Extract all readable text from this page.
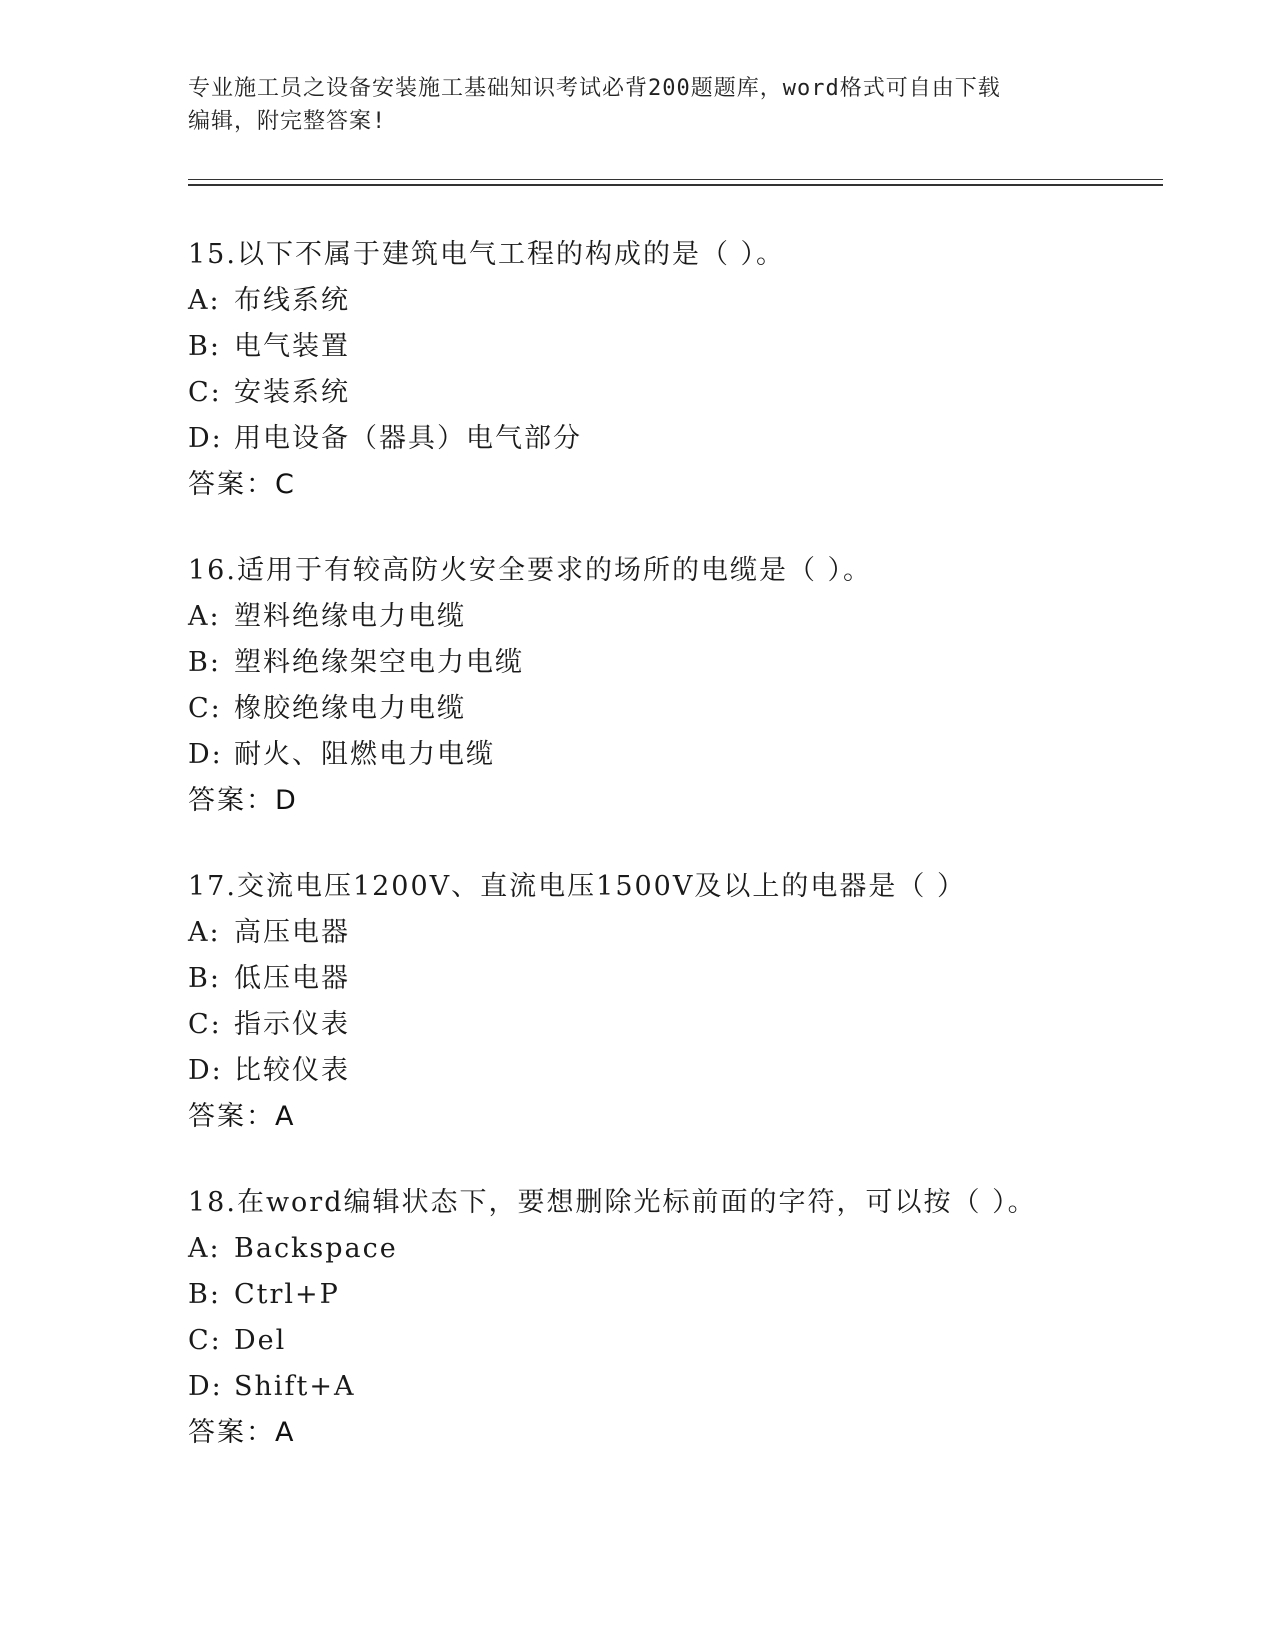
专业施工员之设备安装施工基础知识考试必背200题题库，word格式可自由下载
编辑，附完整答案!
15.以下不属于建筑电气工程的构成的是（ ）。
A: 布线系统
B: 电气装置
C: 安装系统
D: 用电设备（器具）电气部分
答案：C
16.适用于有较高防火安全要求的场所的电缆是（ ）。
A: 塑料绝缘电力电缆
B: 塑料绝缘架空电力电缆
C: 橡胶绝缘电力电缆
D: 耐火、阻燃电力电缆
答案：D
17.交流电压1200V、直流电压1500V及以上的电器是（ ）
A: 高压电器
B: 低压电器
C: 指示仪表
D: 比较仪表
答案：A
18.在word编辑状态下，要想删除光标前面的字符，可以按（ ）。
A: Backspace
B: Ctrl+P
C: Del
D: Shift+A
答案：A
